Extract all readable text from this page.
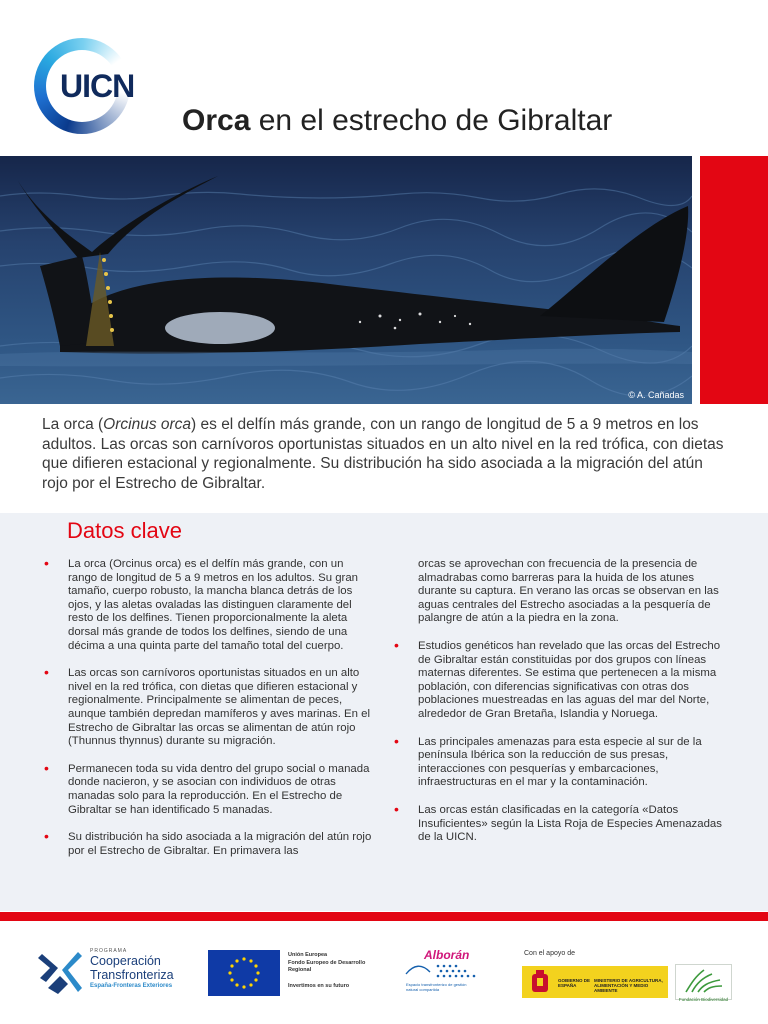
UICN
Orca en el estrecho de Gibraltar
© A. Cañadas
La orca (Orcinus orca) es el delfín más grande, con un rango de longitud de 5 a 9 metros en los adultos. Las orcas son carnívoros oportunistas situados en un alto nivel en la red trófica, con dietas que difieren estacional y regionalmente. Su distribución ha sido asociada a la migración del atún rojo por el Estrecho de Gibraltar.
Datos clave
• La orca (Orcinus orca) es el delfín más grande, con un rango de longitud de 5 a 9 metros en los adultos. Su gran tamaño, cuerpo robusto, la mancha blanca detrás de los ojos, y las aletas ovaladas las distinguen claramente del resto de los delfines. Tienen proporcionalmente la aleta dorsal más grande de todos los delfines, siendo de una décima a una quinta parte del tamaño total del cuerpo.
• Las orcas son carnívoros oportunistas situados en un alto nivel en la red trófica, con dietas que difieren estacional y regionalmente. Principalmente se alimentan de peces, aunque también depredan mamíferos y aves marinas. En el Estrecho de Gibraltar las orcas se alimentan de atún rojo (Thunnus thynnus) durante su migración.
• Permanecen toda su vida dentro del grupo social o manada donde nacieron, y se asocian con individuos de otras manadas solo para la reproducción. En el Estrecho de Gibraltar se han identificado 5 manadas.
• Su distribución ha sido asociada a la migración del atún rojo por el Estrecho de Gibraltar. En primavera las
orcas se aprovechan con frecuencia de la presencia de almadrabas como barreras para la huida de los atunes durante su captura. En verano las orcas se observan en las aguas centrales del Estrecho asociadas a la pesquería de palangre de atún a la piedra en la zona.
• Estudios genéticos han revelado que las orcas del Estrecho de Gibraltar están constituidas por dos grupos con líneas maternas diferentes. Se estima que pertenecen a la misma población, con diferencias significativas con otras dos poblaciones muestreadas en las aguas del mar del Norte, alrededor de Gran Bretaña, Islandia y Noruega.
• Las principales amenazas para esta especie al sur de la península Ibérica son la reducción de sus presas, interacciones con pesquerías y embarcaciones, infraestructuras en el mar y la contaminación.
• Las orcas están clasificadas en la categoría «Datos Insuficientes» según la Lista Roja de Especies Amenazadas de la UICN.
PROGRAMA
Cooperación
Transfronteriza
España-Fronteras Exteriores
Unión Europea
Fondo Europeo de Desarrollo
Regional
Invertimos en su futuro
Alborán
Espacio transfronterizo de gestión natural compartida
Con el apoyo de
GOBIERNO DE ESPAÑA
MINISTERIO DE AGRICULTURA, ALIMENTACIÓN Y MEDIO AMBIENTE
Fundación Biodiversidad
